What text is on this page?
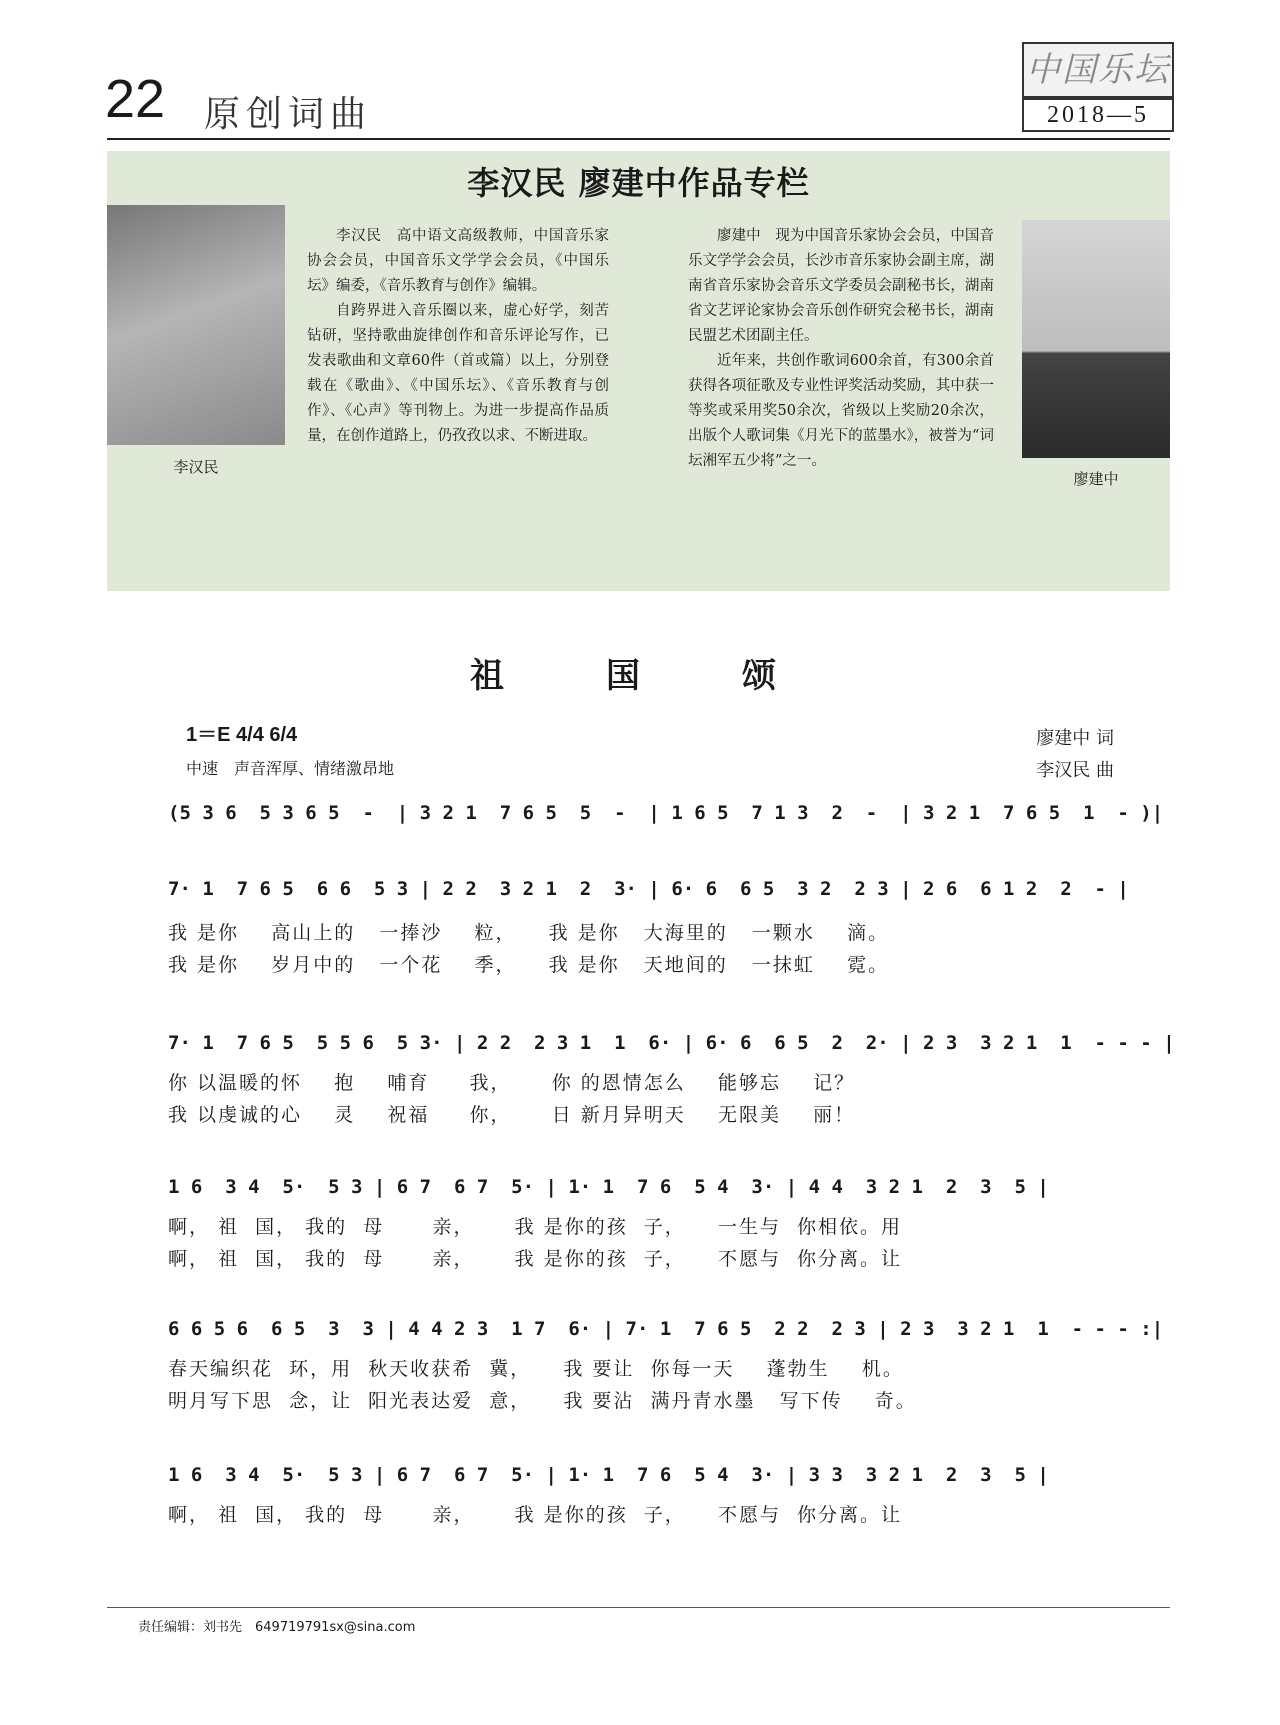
22 原创词曲
中国乐坛
2018—5
李汉民 廖建中作品专栏
李汉民

李汉民　高中语文高级教师，中国音乐家协会会员，中国音乐文学学会会员，《中国乐坛》编委，《音乐教育与创作》编辑。

自跨界进入音乐圈以来，虚心好学，刻苦钻研，坚持歌曲旋律创作和音乐评论写作，已发表歌曲和文章60件（首或篇）以上，分别登载在《歌曲》、《中国乐坛》、《音乐教育与创作》、《心声》等刊物上。为进一步提高作品质量，在创作道路上，仍孜孜以求、不断进取。

廖建中　现为中国音乐家协会会员，中国音乐文学学会会员，长沙市音乐家协会副主席，湖南省音乐家协会音乐文学委员会副秘书长，湖南省文艺评论家协会音乐创作研究会秘书长，湖南民盟艺术团副主任。

近年来，共创作歌词600余首，有300余首获得各项征歌及专业性评奖活动奖励，其中获一等奖或采用奖50余次，省级以上奖励20余次，出版个人歌词集《月光下的蓝墨水》，被誉为“词坛湘军五少将”之一。

廖建中
祖　国　颂
1＝E 4/4 6/4
中速　声音浑厚、情绪激昂地
廖建中 词
李汉民 曲
(5 3 6  5 3 6 5  -  | 3 2 1  7 6 5  5  -  | 1 6 5  7 1 3  2  -  | 3 2 1  7 6 5  1  - )|
7· 1  7 6 5  6 6  5 3 | 2 2  3 2 1  2  3· | 6· 6  6 5  3 2  2 3 | 2 6  6 1 2  2  - |
我 是你    高山上的   一捧沙    粒，    我 是你   大海里的   一颗水    滴。
我 是你    岁月中的   一个花    季，    我 是你   天地间的   一抹虹    霓。
7· 1  7 6 5  5 5 6  5 3· | 2 2  2 3 1  1  6· | 6· 6  6 5  2  2· | 2 3  3 2 1  1  - - - |
你 以温暖的怀    抱    哺育     我，     你 的恩情怎么    能够忘    记？
我 以虔诚的心    灵    祝福     你，     日 新月异明天    无限美    丽！
1 6  3 4  5·  5 3 | 6 7  6 7  5· | 1· 1  7 6  5 4  3· | 4 4  3 2 1  2  3  5 |
啊， 祖  国， 我的  母      亲，     我 是你的孩  子，    一生与  你相依。用
啊， 祖  国， 我的  母      亲，     我 是你的孩  子，    不愿与  你分离。让
6 6 5 6  6 5  3  3 | 4 4 2 3  1 7  6· | 7· 1  7 6 5  2 2  2 3 | 2 3  3 2 1  1  - - - :|
春天编织花  环，用  秋天收获希  冀，    我 要让  你每一天    蓬勃生    机。
明月写下思  念，让  阳光表达爱  意，    我 要沾  满丹青水墨   写下传    奇。
1 6  3 4  5·  5 3 | 6 7  6 7  5· | 1· 1  7 6  5 4  3· | 3 3  3 2 1  2  3  5 |
啊， 祖  国， 我的  母      亲，     我 是你的孩  子，    不愿与  你分离。让
责任编辑：刘书先　649719791sx@sina.com
